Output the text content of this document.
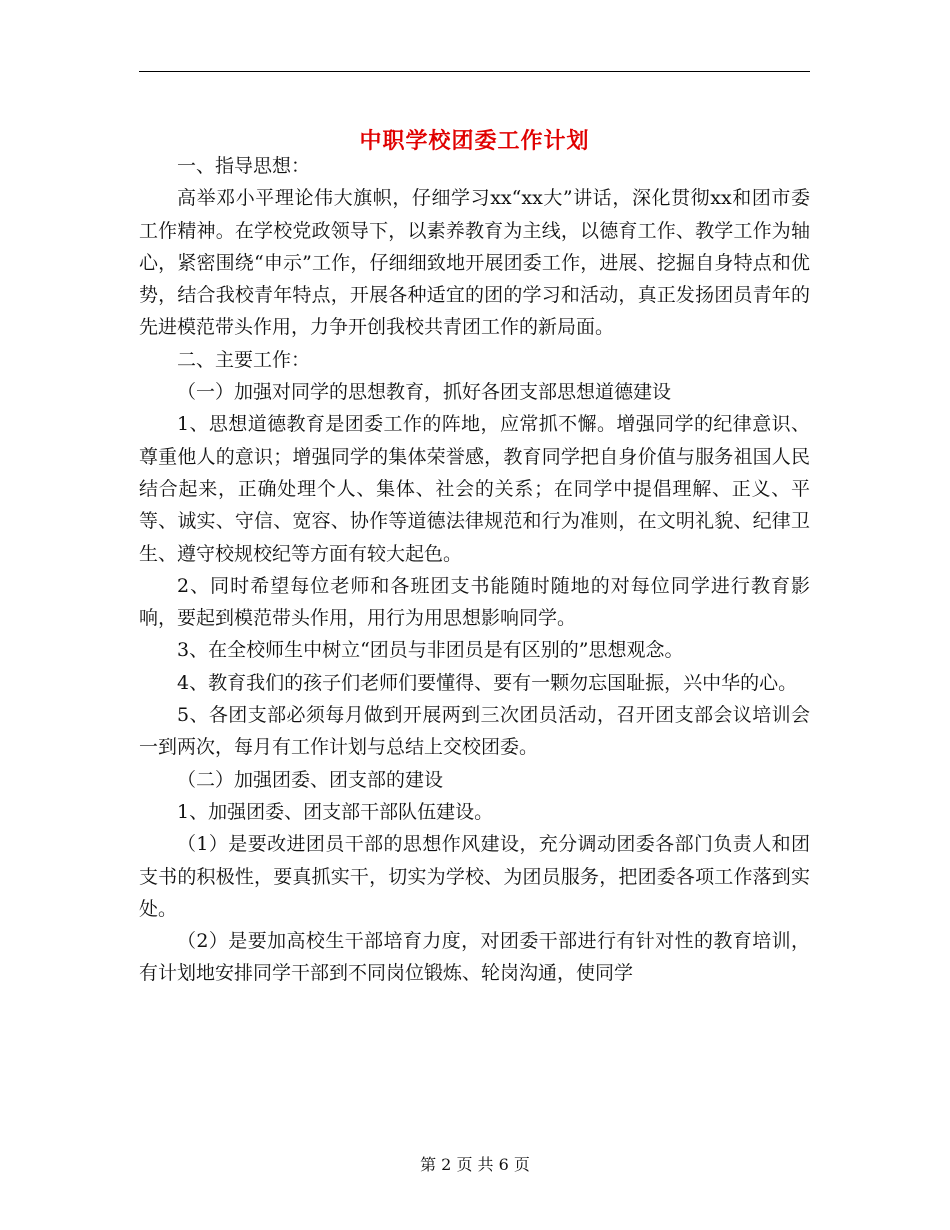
中职学校团委工作计划

一、指导思想：

高举邓小平理论伟大旗帜，仔细学习xx“xx大”讲话，深化贯彻xx和团市委工作精神。在学校党政领导下，以素养教育为主线，以德育工作、教学工作为轴心，紧密围绕“申示”工作，仔细细致地开展团委工作，进展、挖掘自身特点和优势，结合我校青年特点，开展各种适宜的团的学习和活动，真正发扬团员青年的先进模范带头作用，力争开创我校共青团工作的新局面。

二、主要工作：

（一）加强对同学的思想教育，抓好各团支部思想道德建设

1、思想道德教育是团委工作的阵地，应常抓不懈。增强同学的纪律意识、尊重他人的意识；增强同学的集体荣誉感，教育同学把自身价值与服务祖国人民结合起来，正确处理个人、集体、社会的关系；在同学中提倡理解、正义、平等、诚实、守信、宽容、协作等道德法律规范和行为准则，在文明礼貌、纪律卫生、遵守校规校纪等方面有较大起色。

2、同时希望每位老师和各班团支书能随时随地的对每位同学进行教育影响，要起到模范带头作用，用行为用思想影响同学。

3、在全校师生中树立“团员与非团员是有区别的”思想观念。

4、教育我们的孩子们老师们要懂得、要有一颗勿忘国耻振，兴中华的心。

5、各团支部必须每月做到开展两到三次团员活动，召开团支部会议培训会一到两次，每月有工作计划与总结上交校团委。

（二）加强团委、团支部的建设

1、加强团委、团支部干部队伍建设。

（1）是要改进团员干部的思想作风建设，充分调动团委各部门负责人和团支书的积极性，要真抓实干，切实为学校、为团员服务，把团委各项工作落到实处。

（2）是要加高校生干部培育力度，对团委干部进行有针对性的教育培训，有计划地安排同学干部到不同岗位锻炼、轮岗沟通，使同学

第 2 页 共 6 页
